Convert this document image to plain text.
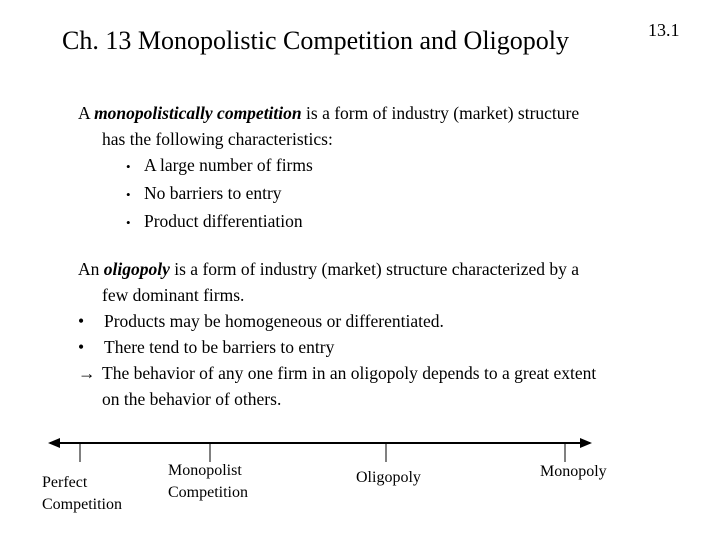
Ch. 13 Monopolistic Competition and Oligopoly	13.1
A monopolistically competition is a form of industry (market) structure
has the following characteristics:
• A large number of firms
• No barriers to entry
• Product differentiation
An oligopoly is a form of industry (market) structure characterized by a
few dominant firms.
• Products may be homogeneous or differentiated.
• There tend to be barriers to entry
→ The behavior of any one firm in an oligopoly depends to a great extent
on the behavior of others.
Perfect
Competition
Monopolist
Competition
Oligopoly	Monopoly
